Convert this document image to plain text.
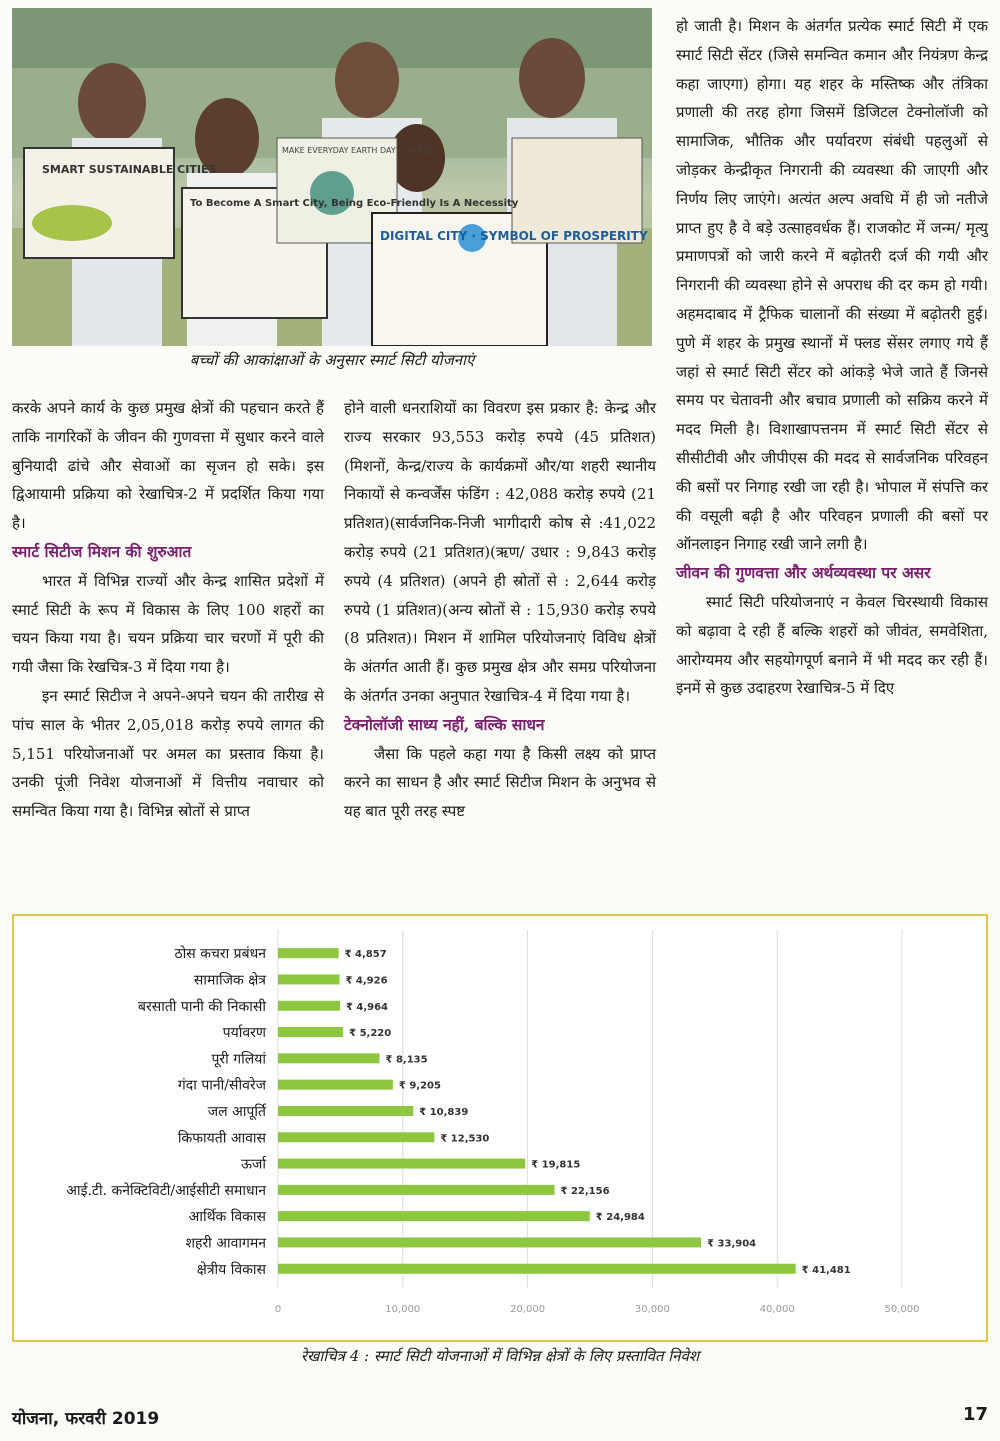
SMART SUSTAINABLE CITIES
To Become A Smart City, Being Eco-Friendly Is A Necessity
MAKE EVERYDAY EARTH DAY · GO ECO
DIGITAL CITY · SYMBOL OF PROSPERITY
बच्चों की आकांक्षाओं के अनुसार स्मार्ट सिटी योजनाएं

करके अपने कार्य के कुछ प्रमुख क्षेत्रों की पहचान करते हैं ताकि नागरिकों के जीवन की गुणवत्ता में सुधार करने वाले बुनियादी ढांचे और सेवाओं का सृजन हो सके। इस द्विआयामी प्रक्रिया को रेखाचित्र-2 में प्रदर्शित किया गया है।

स्मार्ट सिटीज मिशन की शुरुआत

भारत में विभिन्न राज्यों और केन्द्र शासित प्रदेशों में स्मार्ट सिटी के रूप में विकास के लिए 100 शहरों का चयन किया गया है। चयन प्रक्रिया चार चरणों में पूरी की गयी जैसा कि रेखचित्र-3 में दिया गया है।

इन स्मार्ट सिटीज ने अपने-अपने चयन की तारीख से पांच साल के भीतर 2,05,018 करोड़ रुपये लागत की 5,151 परियोजनाओं पर अमल का प्रस्ताव किया है। उनकी पूंजी निवेश योजनाओं में वित्तीय नवाचार को समन्वित किया गया है। विभिन्न स्रोतों से प्राप्त

होने वाली धनराशियों का विवरण इस प्रकार है: केन्द्र और राज्य सरकार 93,553 करोड़ रुपये (45 प्रतिशत)(मिशनों, केन्द्र/राज्य के कार्यक्रमों और/या शहरी स्थानीय निकायों से कन्वर्जेंस फंडिंग : 42,088 करोड़ रुपये (21 प्रतिशत)(सार्वजनिक-निजी भागीदारी कोष से :41,022 करोड़ रुपये (21 प्रतिशत)(ऋण/ उधार : 9,843 करोड़ रुपये (4 प्रतिशत) (अपने ही स्रोतों से : 2,644 करोड़ रुपये (1 प्रतिशत)(अन्य स्रोतों से : 15,930 करोड़ रुपये (8 प्रतिशत)। मिशन में शामिल परियोजनाएं विविध क्षेत्रों के अंतर्गत आती हैं। कुछ प्रमुख क्षेत्र और समग्र परियोजना के अंतर्गत उनका अनुपात रेखाचित्र-4 में दिया गया है।

टेक्नोलॉजी साध्य नहीं, बल्कि साधन

जैसा कि पहले कहा गया है किसी लक्ष्य को प्राप्त करने का साधन है और स्मार्ट सिटीज मिशन के अनुभव से यह बात पूरी तरह स्पष्ट

हो जाती है। मिशन के अंतर्गत प्रत्येक स्मार्ट सिटी में एक स्मार्ट सिटी सेंटर (जिसे समन्वित कमान और नियंत्रण केन्द्र कहा जाएगा) होगा। यह शहर के मस्तिष्क और तंत्रिका प्रणाली की तरह होगा जिसमें डिजिटल टेक्नोलॉजी को सामाजिक, भौतिक और पर्यावरण संबंधी पहलुओं से जोड़कर केन्द्रीकृत निगरानी की व्यवस्था की जाएगी और निर्णय लिए जाएंगे। अत्यंत अल्प अवधि में ही जो नतीजे प्राप्त हुए है वे बड़े उत्साहवर्धक हैं। राजकोट में जन्म/ मृत्यु प्रमाणपत्रों को जारी करने में बढ़ोतरी दर्ज की गयी और निगरानी की व्यवस्था होने से अपराध की दर कम हो गयी। अहमदाबाद में ट्रैफिक चालानों की संख्या में बढ़ोतरी हुई। पुणे में शहर के प्रमुख स्थानों में फ्लड सेंसर लगाए गये हैं जहां से स्मार्ट सिटी सेंटर को आंकड़े भेजे जाते हैं जिनसे समय पर चेतावनी और बचाव प्रणाली को सक्रिय करने में मदद मिली है। विशाखापत्तनम में स्मार्ट सिटी सेंटर से सीसीटीवी और जीपीएस की मदद से सार्वजनिक परिवहन की बसों पर निगाह रखी जा रही है। भोपाल में संपत्ति कर की वसूली बढ़ी है और परिवहन प्रणाली की बसों पर ऑनलाइन निगाह रखी जाने लगी है।

जीवन की गुणवत्ता और अर्थव्यवस्था पर असर

स्मार्ट सिटी परियोजनाएं न केवल चिरस्थायी विकास को बढ़ावा दे रही हैं बल्कि शहरों को जीवंत, समवेशिता, आरोग्यमय और सहयोगपूर्ण बनाने में भी मदद कर रही हैं। इनमें से कुछ उदाहरण रेखाचित्र-5 में दिए

0	10,000	20,000	30,000	40,000	50,000
ठोस कचरा प्रबंधन	₹ 4,857
सामाजिक क्षेत्र	₹ 4,926
बरसाती पानी की निकासी	₹ 4,964
पर्यावरण	₹ 5,220
पूरी गलियां	₹ 8,135
गंदा पानी/सीवरेज	₹ 9,205
जल आपूर्ति	₹ 10,839
किफायती आवास	₹ 12,530
ऊर्जा	₹ 19,815
आई.टी. कनेक्टिविटी/आईसीटी समाधान	₹ 22,156
आर्थिक विकास	₹ 24,984
शहरी आवागमन	₹ 33,904
क्षेत्रीय विकास	₹ 41,481
रेखाचित्र 4 : स्मार्ट सिटी योजनाओं में विभिन्न क्षेत्रों के लिए प्रस्तावित निवेश
योजना, फरवरी 2019	17
